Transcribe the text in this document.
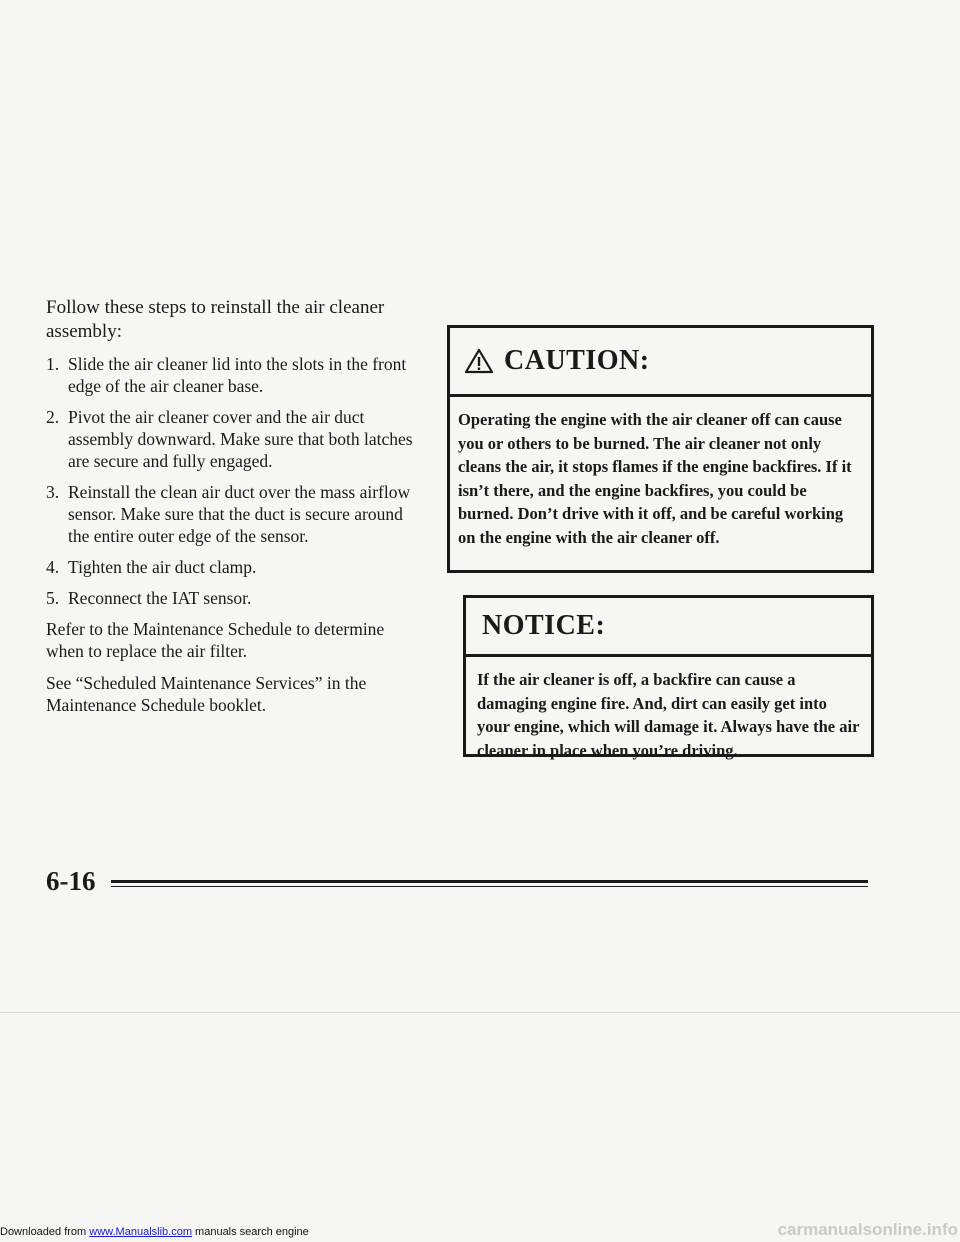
Follow these steps to reinstall the air cleaner assembly:

1. Slide the air cleaner lid into the slots in the front edge of the air cleaner base.
2. Pivot the air cleaner cover and the air duct assembly downward. Make sure that both latches are secure and fully engaged.
3. Reinstall the clean air duct over the mass airflow sensor. Make sure that the duct is secure around the entire outer edge of the sensor.
4. Tighten the air duct clamp.
5. Reconnect the IAT sensor.

Refer to the Maintenance Schedule to determine when to replace the air filter.

See “Scheduled Maintenance Services” in the Maintenance Schedule booklet.

CAUTION:
Operating the engine with the air cleaner off can cause you or others to be burned. The air cleaner not only cleans the air, it stops flames if the engine backfires. If it isn’t there, and the engine backfires, you could be burned. Don’t drive with it off, and be careful working on the engine with the air cleaner off.
NOTICE:
If the air cleaner is off, a backfire can cause a damaging engine fire. And, dirt can easily get into your engine, which will damage it. Always have the air cleaner in place when you’re driving.
6-16
Downloaded from www.Manualslib.com manuals search engine	carmanualsonline.info
